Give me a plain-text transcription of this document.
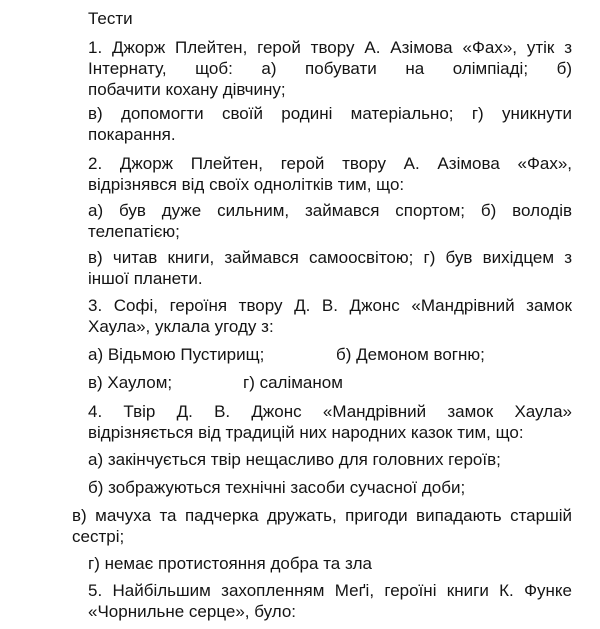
Тести
1. Джорж Плейтен, герой твору А. Азімова «Фах», утік з
Інтернату, щоб: а) побувати на олімпіаді; б)
побачити кохану дівчину;
в) допомогти своїй родині матеріально; г) уникнути
покарання.
2. Джорж Плейтен, герой твору А. Азімова «Фах»,
відрізнявся від своїх однолітків тим, що:
а) був дуже сильним, займався спортом; б) володів
телепатією;
в) читав книги, займався самоосвітою; г) був вихідцем з
іншої планети.
3. Софі, героїня твору Д. В. Джонс «Мандрівний замок
Хаула», уклала угоду з:
а) Відьмою Пустирищ;	б) Демоном вогню;
в) Хаулом;	г) саліманом
4. Твір Д. В. Джонс «Мандрівний замок Хаула»
відрізняється від традицій них народних казок тим, що:
а) закінчується твір нещасливо для головних героїв;
б) зображуються технічні засоби сучасної доби;
в) мачуха та падчерка дружать, пригоди випадають старшій
сестрі;
г) немає протистояння добра та зла
5. Найбільшим захопленням Меґі, героїні книги К. Функе
«Чорнильне серце», було:
